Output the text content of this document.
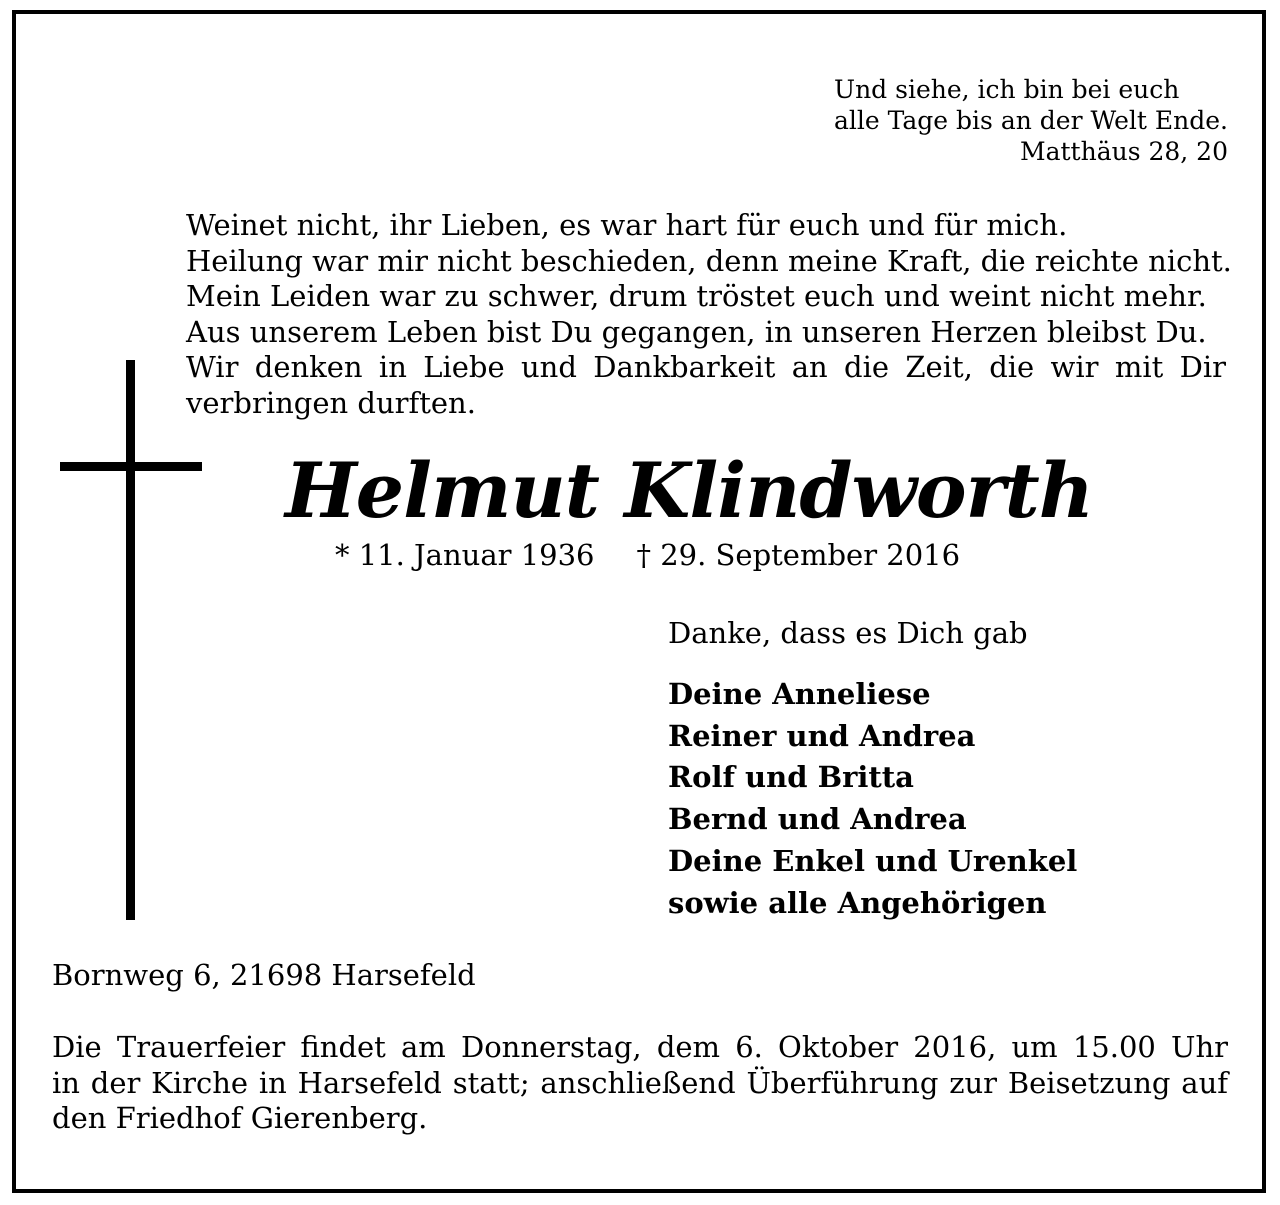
Und siehe, ich bin bei euch
alle Tage bis an der Welt Ende.
Matthäus 28, 20
Weinet nicht, ihr Lieben, es war hart für euch und für mich.
Heilung war mir nicht beschieden, denn meine Kraft, die reichte nicht.
Mein Leiden war zu schwer, drum tröstet euch und weint nicht mehr.
Aus unserem Leben bist Du gegangen, in unseren Herzen bleibst Du.
Wir denken in Liebe und Dankbarkeit an die Zeit, die wir mit Dir
verbringen durften.
Helmut Klindworth
* 11. Januar 1936 † 29. September 2016
Danke, dass es Dich gab
Deine Anneliese
Reiner und Andrea
Rolf und Britta
Bernd und Andrea
Deine Enkel und Urenkel
sowie alle Angehörigen
Bornweg 6, 21698 Harsefeld
Die Trauerfeier findet am Donnerstag, dem 6. Oktober 2016, um 15.00 Uhr
in der Kirche in Harsefeld statt; anschließend Überführung zur Beisetzung auf
den Friedhof Gierenberg.
